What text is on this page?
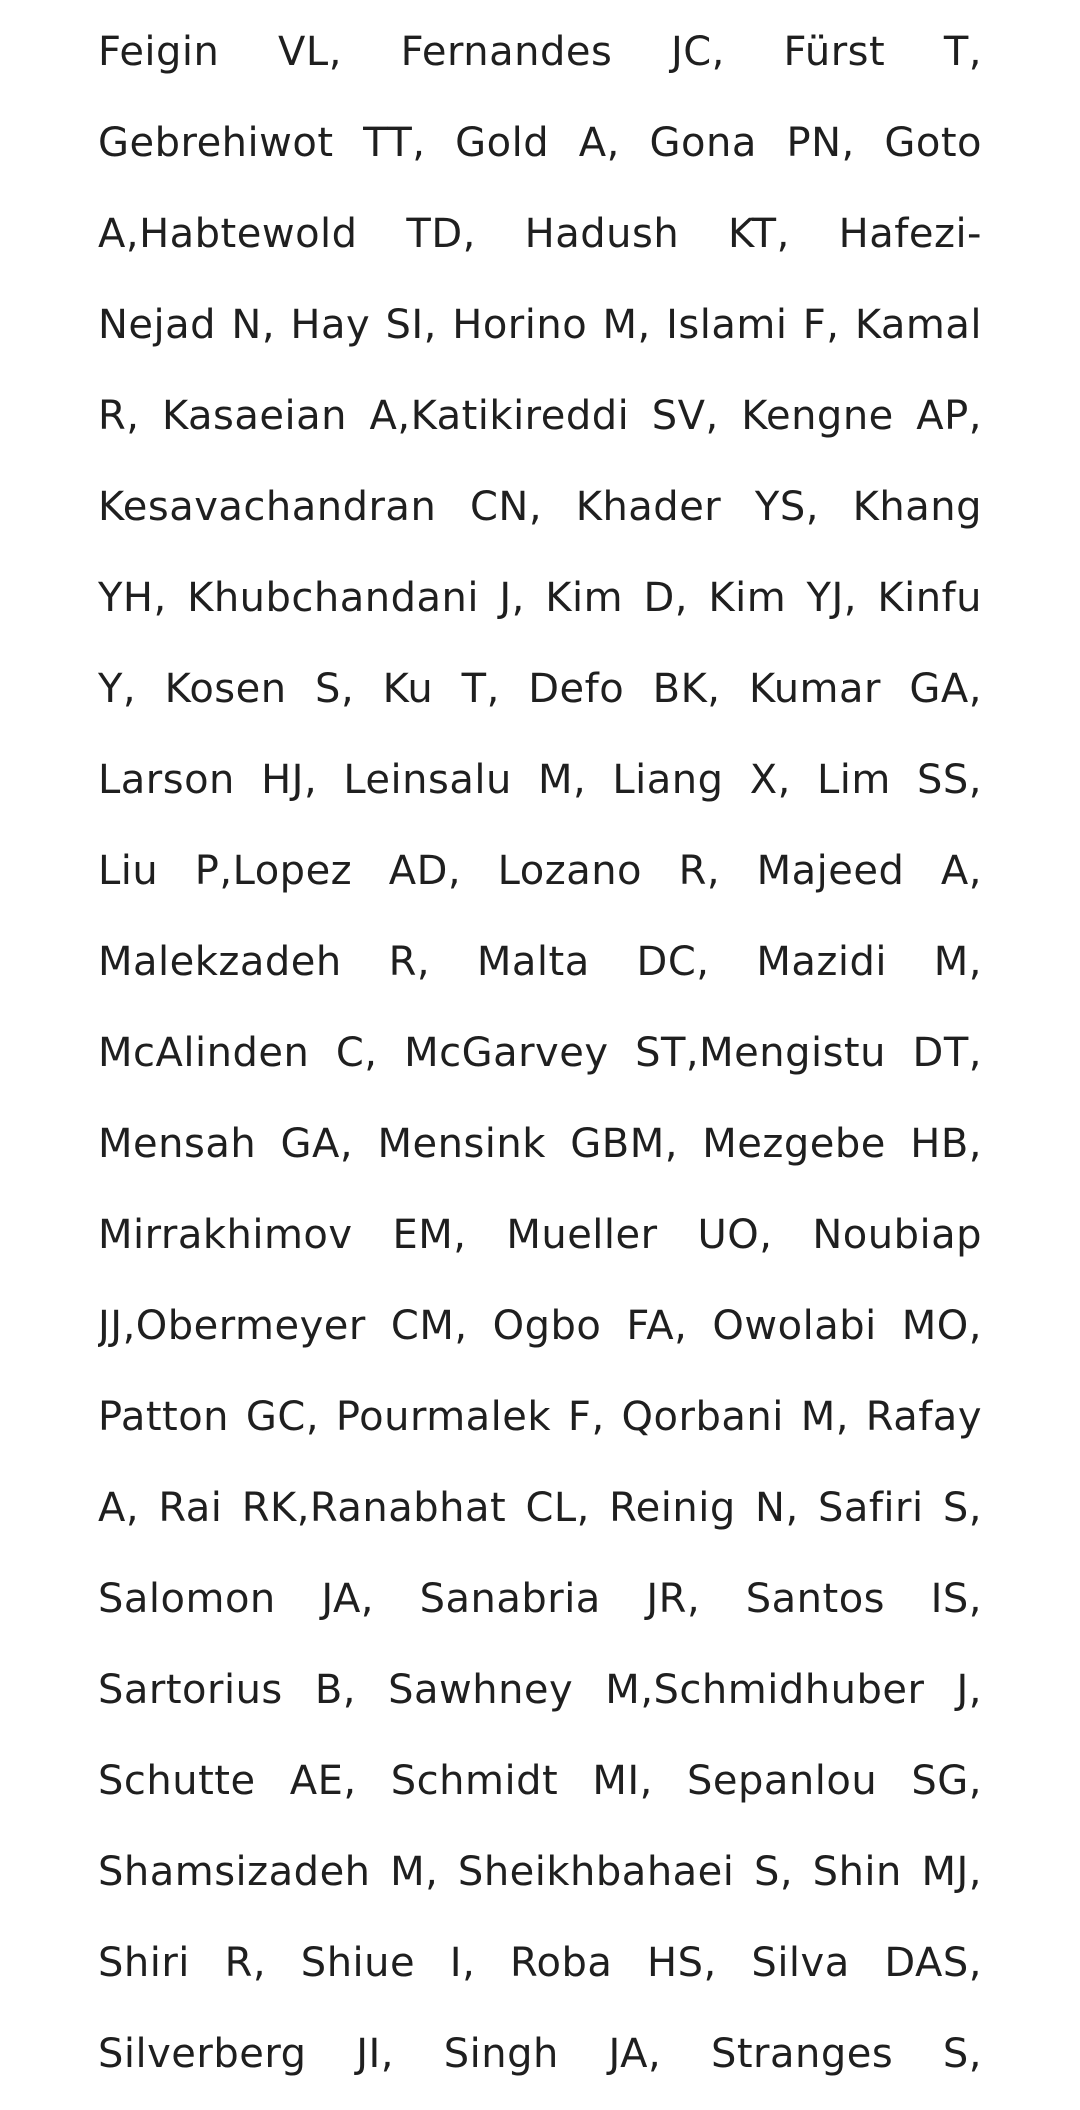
Feigin VL, Fernandes JC, Fürst T,
Gebrehiwot TT, Gold A, Gona PN, Goto
A,Habtewold TD, Hadush KT, Hafezi-
Nejad N, Hay SI, Horino M, Islami F, Kamal
R, Kasaeian A,Katikireddi SV, Kengne AP,
Kesavachandran CN, Khader YS, Khang
YH, Khubchandani J, Kim D, Kim YJ, Kinfu
Y, Kosen S, Ku T, Defo BK, Kumar GA,
Larson HJ, Leinsalu M, Liang X, Lim SS,
Liu P,Lopez AD, Lozano R, Majeed A,
Malekzadeh R, Malta DC, Mazidi M,
McAlinden C, McGarvey ST,Mengistu DT,
Mensah GA, Mensink GBM, Mezgebe HB,
Mirrakhimov EM, Mueller UO, Noubiap
JJ,Obermeyer CM, Ogbo FA, Owolabi MO,
Patton GC, Pourmalek F, Qorbani M, Rafay
A, Rai RK,Ranabhat CL, Reinig N, Safiri S,
Salomon JA, Sanabria JR, Santos IS,
Sartorius B, Sawhney M,Schmidhuber J,
Schutte AE, Schmidt MI, Sepanlou SG,
Shamsizadeh M, Sheikhbahaei S, Shin MJ,
Shiri R, Shiue I, Roba HS, Silva DAS,
Silverberg JI, Singh JA, Stranges S,
